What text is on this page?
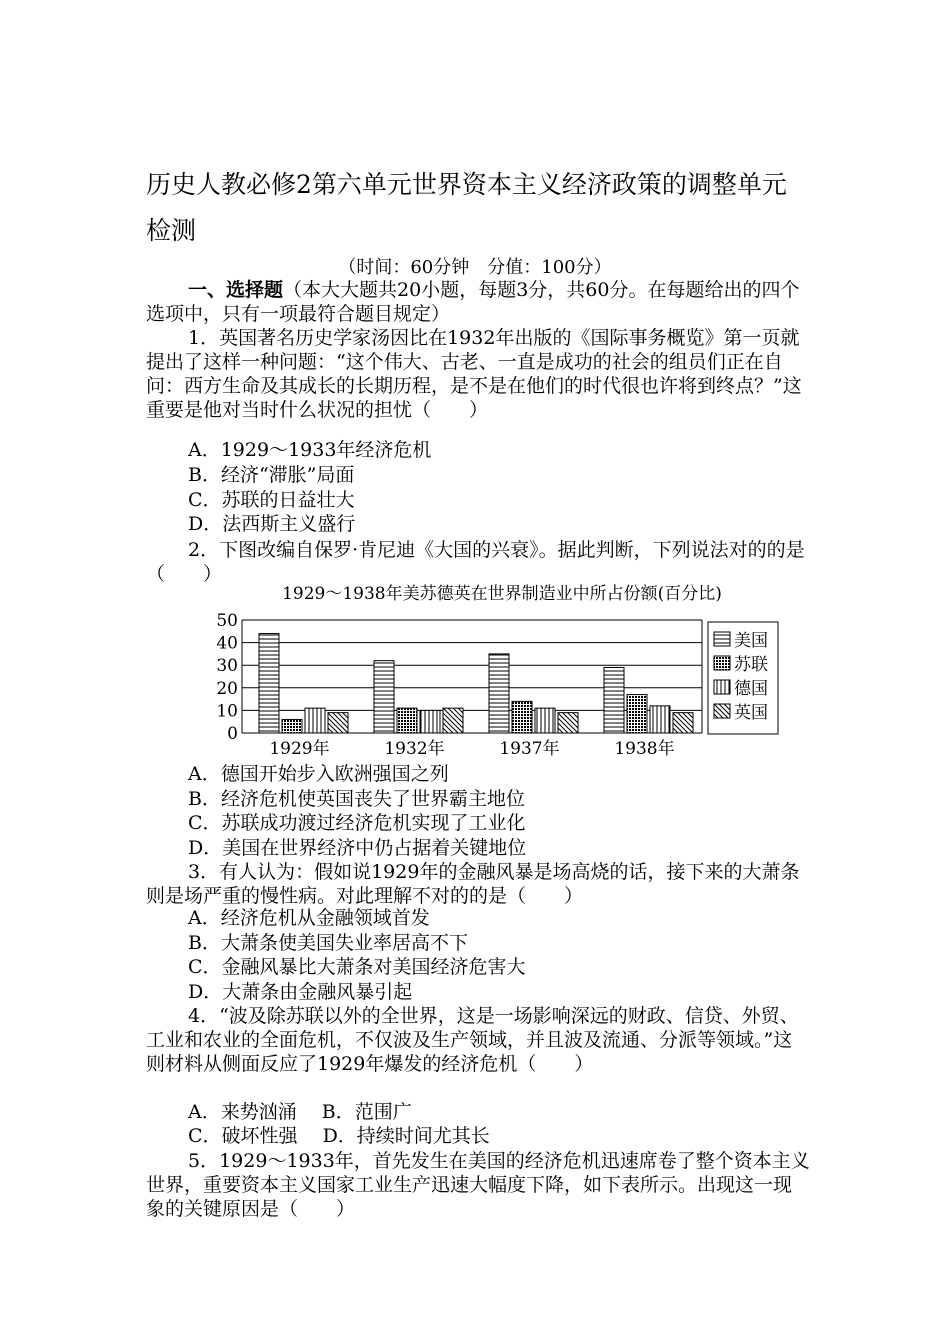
历史人教必修2第六单元世界资本主义经济政策的调整单元
检测
（时间：60分钟　分值：100分）
一、选择题（本大大题共20小题，每题3分，共60分。在每题给出的四个选项中，只有一项最符合题目规定）
1．英国著名历史学家汤因比在1932年出版的《国际事务概览》第一页就提出了这样一种问题：“这个伟大、古老、一直是成功的社会的组员们正在自问：西方生命及其成长的长期历程，是不是在他们的时代很也许将到终点？”这重要是他对当时什么状况的担忧（　　）
A．1929～1933年经济危机
B．经济“滞胀”局面
C．苏联的日益壮大
D．法西斯主义盛行
2．下图改编自保罗·肯尼迪《大国的兴衰》。据此判断，下列说法对的的是（　　）
1929～1938年美苏德英在世界制造业中所占份额(百分比)
0
10
20
30
40
50
1929年	1932年	1937年	1938年
美国
苏联
德国
英国
A．德国开始步入欧洲强国之列
B．经济危机使英国丧失了世界霸主地位
C．苏联成功渡过经济危机实现了工业化
D．美国在世界经济中仍占据着关键地位
3．有人认为：假如说1929年的金融风暴是场高烧的话，接下来的大萧条则是场严重的慢性病。对此理解不对的的是（　　）
A．经济危机从金融领域首发
B．大萧条使美国失业率居高不下
C．金融风暴比大萧条对美国经济危害大
D．大萧条由金融风暴引起
4．“波及除苏联以外的全世界，这是一场影响深远的财政、信贷、外贸、工业和农业的全面危机，不仅波及生产领域，并且波及流通、分派等领域。”这则材料从侧面反应了1929年爆发的经济危机（　　）
A．来势汹涌　 B．范围广
C．破坏性强　 D．持续时间尤其长
5．1929～1933年，首先发生在美国的经济危机迅速席卷了整个资本主义世界，重要资本主义国家工业生产迅速大幅度下降，如下表所示。出现这一现象的关键原因是（　　）
